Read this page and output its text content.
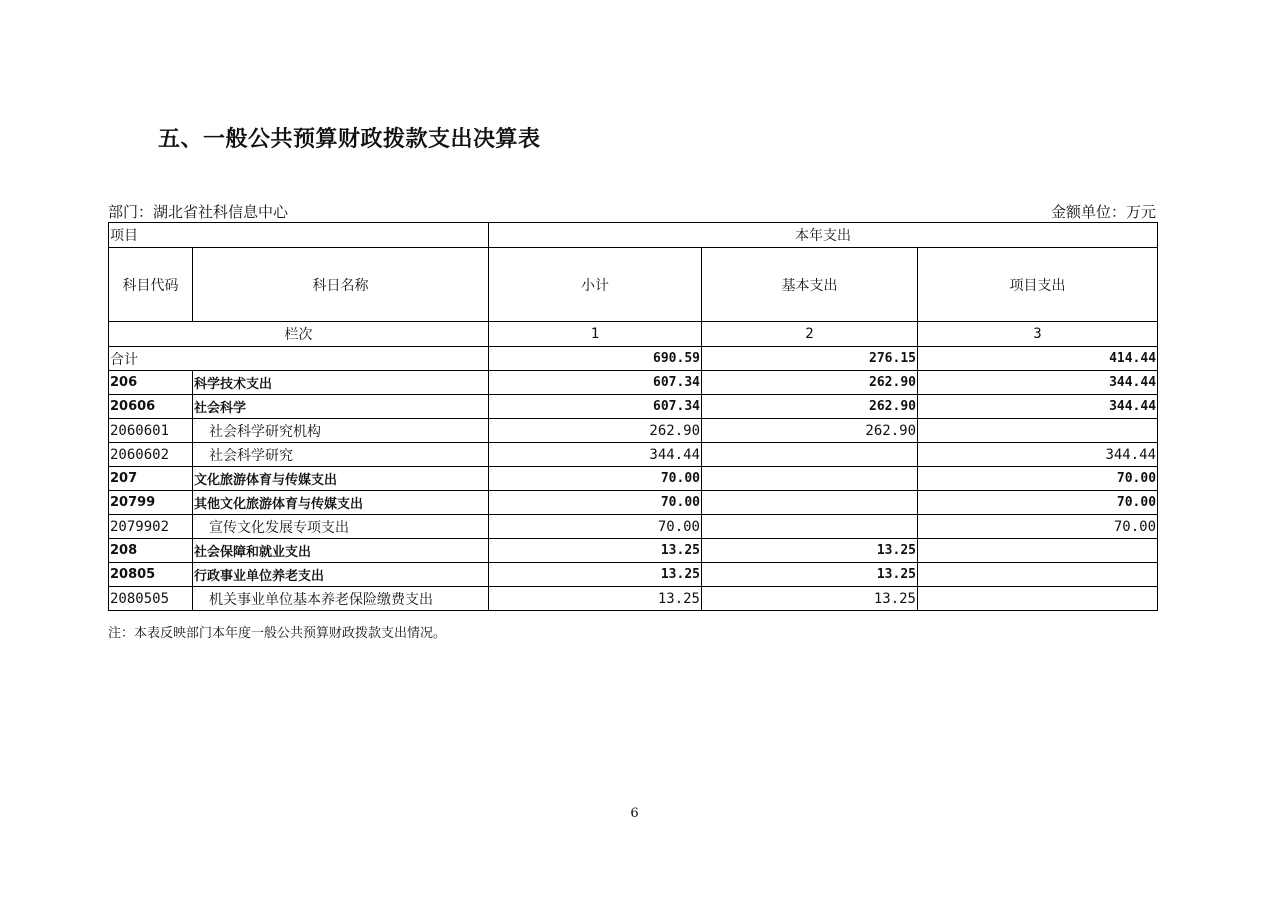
五、一般公共预算财政拨款支出决算表
部门：湖北省社科信息中心	金额单位：万元
项目		本年支出		
科目代码	科日名称	小计	基本支出	项目支出
栏次		1	2	3
合计		690.59	276.15	414.44
206	科学技术支出	607.34	262.90	344.44
20606	社会科学	607.34	262.90	344.44
2060601	社会科学研究机构	262.90	262.90	
2060602	社会科学研究	344.44		344.44
207	文化旅游体育与传媒支出	70.00		70.00
20799	其他文化旅游体育与传媒支出	70.00		70.00
2079902	宣传文化发展专项支出	70.00		70.00
208	社会保障和就业支出	13.25	13.25	
20805	行政事业单位养老支出	13.25	13.25	
2080505	机关事业单位基本养老保险缴费支出	13.25	13.25	
注：本表反映部门本年度一般公共预算财政拨款支出情况。
6
